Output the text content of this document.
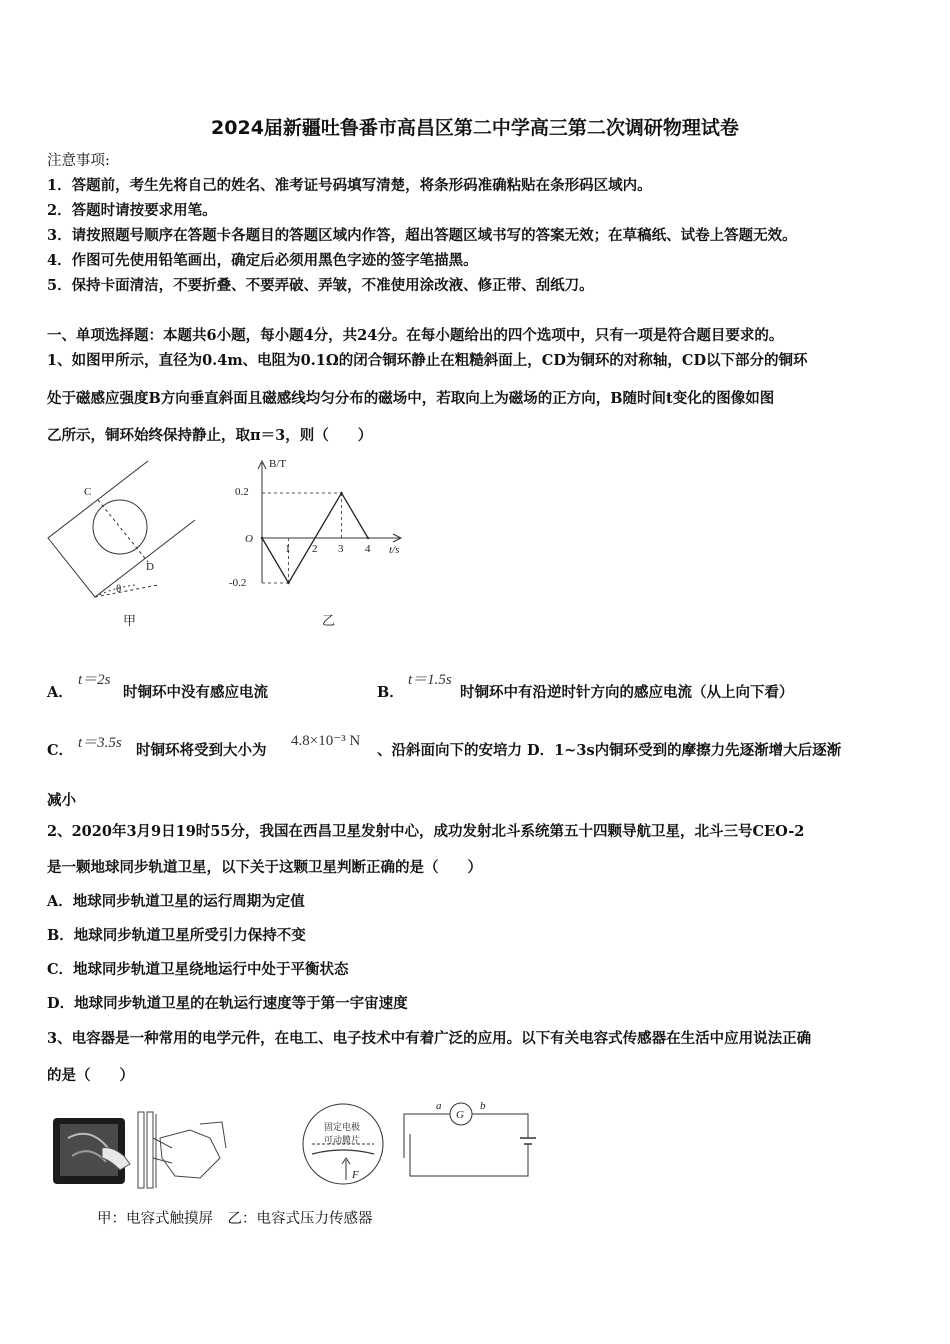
2024届新疆吐鲁番市高昌区第二中学高三第二次调研物理试卷
注意事项:
1．答题前，考生先将自己的姓名、准考证号码填写清楚，将条形码准确粘贴在条形码区域内。
2．答题时请按要求用笔。
3．请按照题号顺序在答题卡各题目的答题区域内作答，超出答题区域书写的答案无效；在草稿纸、试卷上答题无效。
4．作图可先使用铅笔画出，确定后必须用黑色字迹的签字笔描黑。
5．保持卡面清洁，不要折叠、不要弄破、弄皱，不准使用涂改液、修正带、刮纸刀。
一、单项选择题：本题共6小题，每小题4分，共24分。在每小题给出的四个选项中，只有一项是符合题目要求的。
1、如图甲所示，直径为0.4m、电阻为0.1Ω的闭合铜环静止在粗糙斜面上，CD为铜环的对称轴，CD以下部分的铜环
处于磁感应强度B方向垂直斜面且磁感线均匀分布的磁场中，若取向上为磁场的正方向，B随时间t变化的图像如图
乙所示，铜环始终保持静止，取π＝3，则（　　）
C
D
θ
甲
B/T
t/s
0.2
-0.2
O
1 2 3 4
乙
A．
t＝2s
时铜环中没有感应电流	B．
t＝1.5s
时铜环中有沿逆时针方向的感应电流（从上向下看）
C． t＝3.5s 时铜环将受到大小为
4.8×10⁻³ N
、沿斜面向下的安培力 D．1~3s内铜环受到的摩擦力先逐渐增大后逐渐
减小
2、2020年3月9日19时55分，我国在西昌卫星发射中心，成功发射北斗系统第五十四颗导航卫星，北斗三号CEO-2
是一颗地球同步轨道卫星，以下关于这颗卫星判断正确的是（　　）
A．地球同步轨道卫星的运行周期为定值
B．地球同步轨道卫星所受引力保持不变
C．地球同步轨道卫星绕地运行中处于平衡状态
D．地球同步轨道卫星的在轨运行速度等于第一宇宙速度
3、电容器是一种常用的电学元件，在电工、电子技术中有着广泛的应用。以下有关电容式传感器在生活中应用说法正确
的是（　　）
固定电极
可动膜片
F
a	b
G
甲：电容式触摸屏　乙：电容式压力传感器
